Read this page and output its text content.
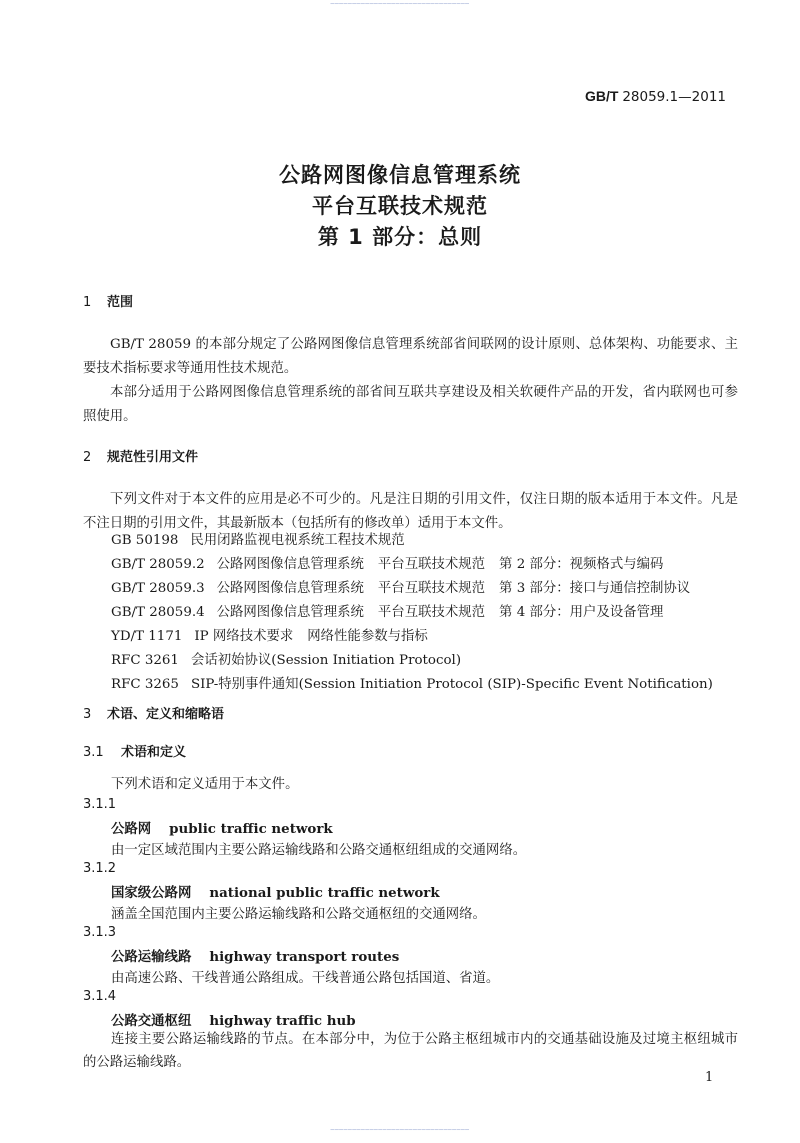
▔▔▔▔▔▔▔▔▔▔▔▔▔▔▔▔▔▔▔▔▔▔▔▔▔▔▔▔▔▔▔▔
GB/T 28059.1—2011
公路网图像信息管理系统
平台互联技术规范
第 1 部分：总则
1 范围
GB/T 28059 的本部分规定了公路网图像信息管理系统部省间联网的设计原则、总体架构、功能要求、主要技术指标要求等通用性技术规范。
本部分适用于公路网图像信息管理系统的部省间互联共享建设及相关软硬件产品的开发，省内联网也可参照使用。
2 规范性引用文件
下列文件对于本文件的应用是必不可少的。凡是注日期的引用文件，仅注日期的版本适用于本文件。凡是不注日期的引用文件，其最新版本（包括所有的修改单）适用于本文件。
GB 50198 民用闭路监视电视系统工程技术规范
GB/T 28059.2 公路网图像信息管理系统 平台互联技术规范 第 2 部分：视频格式与编码
GB/T 28059.3 公路网图像信息管理系统 平台互联技术规范 第 3 部分：接口与通信控制协议
GB/T 28059.4 公路网图像信息管理系统 平台互联技术规范 第 4 部分：用户及设备管理
YD/T 1171 IP 网络技术要求 网络性能参数与指标
RFC 3261 会话初始协议(Session Initiation Protocol)
RFC 3265 SIP-特别事件通知(Session Initiation Protocol (SIP)-Specific Event Notification)
3 术语、定义和缩略语
3.1 术语和定义
下列术语和定义适用于本文件。
3.1.1
公路网 public traffic network
由一定区域范围内主要公路运输线路和公路交通枢纽组成的交通网络。
3.1.2
国家级公路网 national public traffic network
涵盖全国范围内主要公路运输线路和公路交通枢纽的交通网络。
3.1.3
公路运输线路 highway transport routes
由高速公路、干线普通公路组成。干线普通公路包括国道、省道。
3.1.4
公路交通枢纽 highway traffic hub
连接主要公路运输线路的节点。在本部分中，为位于公路主枢纽城市内的交通基础设施及过境主枢纽城市的公路运输线路。
1
▔▔▔▔▔▔▔▔▔▔▔▔▔▔▔▔▔▔▔▔▔▔▔▔▔▔▔▔▔▔▔▔
